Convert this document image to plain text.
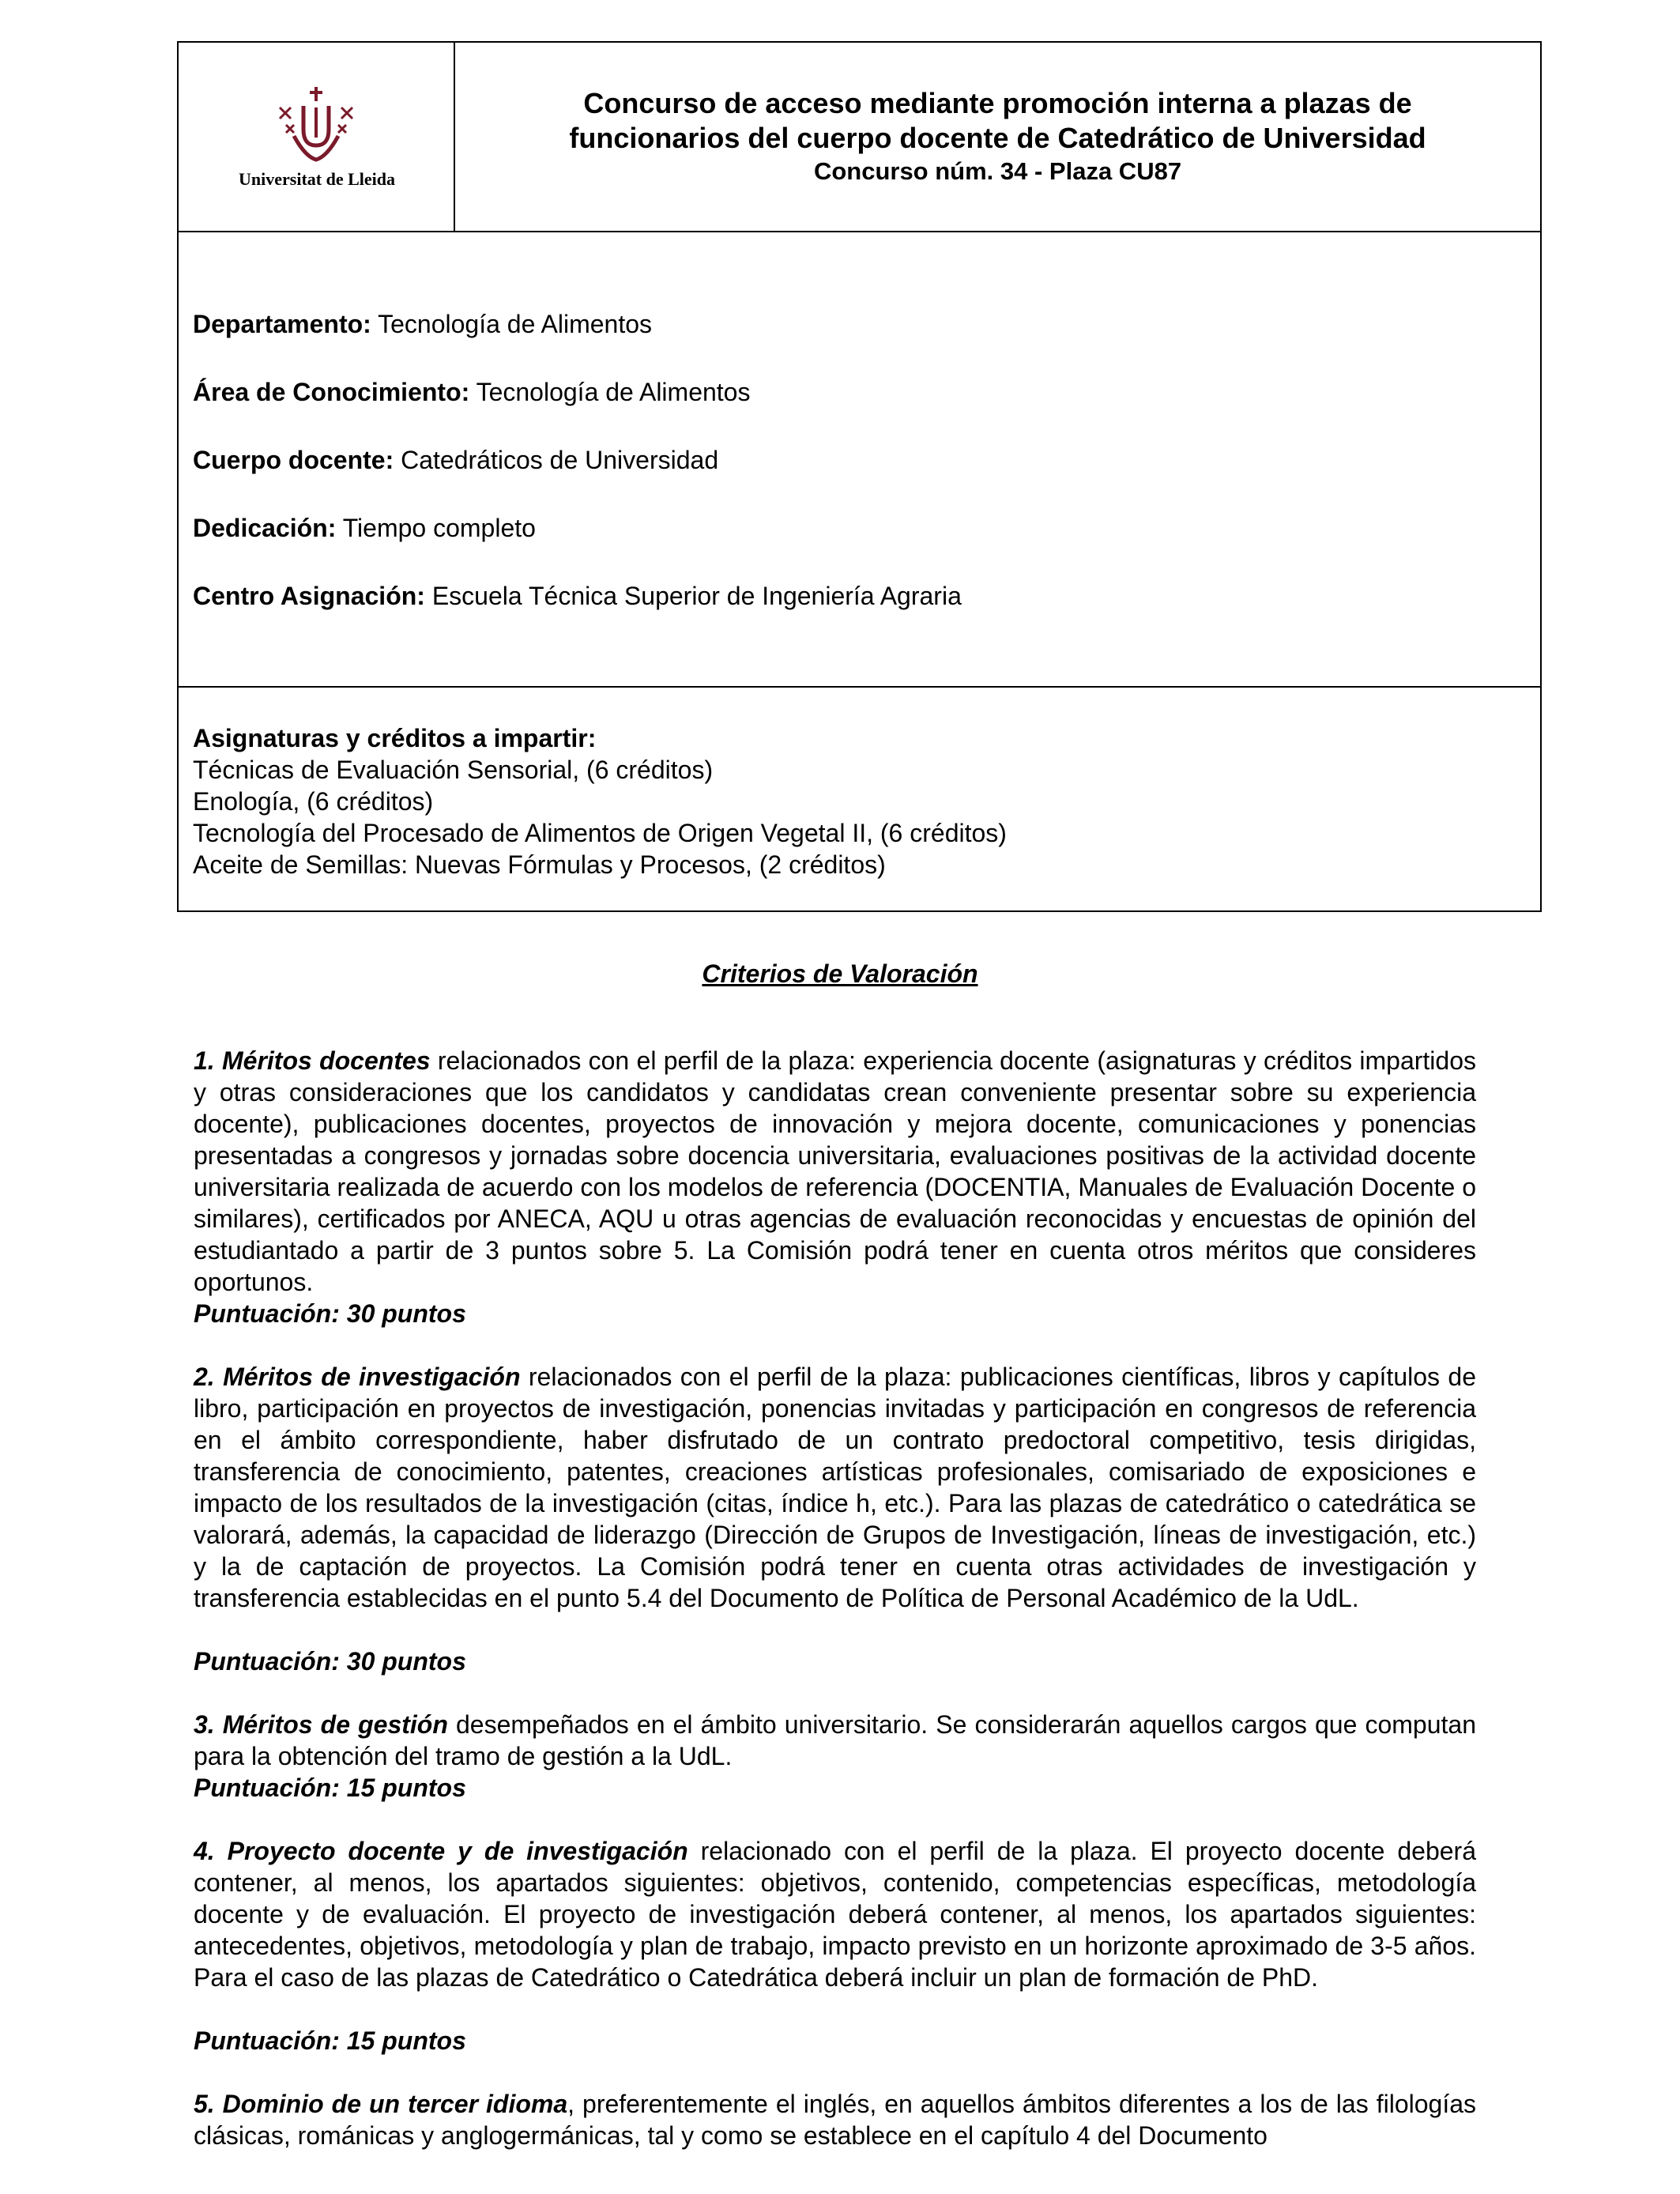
Universitat de Lleida
Concurso de acceso mediante promoción interna a plazas de
funcionarios del cuerpo docente de Catedrático de Universidad
Concurso núm. 34 - Plaza CU87
Departamento: Tecnología de Alimentos
Área de Conocimiento: Tecnología de Alimentos
Cuerpo docente: Catedráticos de Universidad
Dedicación: Tiempo completo
Centro Asignación: Escuela Técnica Superior de Ingeniería Agraria
Asignaturas y créditos a impartir:
Técnicas de Evaluación Sensorial, (6 créditos)
Enología, (6 créditos)
Tecnología del Procesado de Alimentos de Origen Vegetal II, (6 créditos)
Aceite de Semillas: Nuevas Fórmulas y Procesos, (2 créditos)
Criterios de Valoración

1. Méritos docentes relacionados con el perfil de la plaza: experiencia docente (asignaturas y créditos impartidos y otras consideraciones que los candidatos y candidatas crean conveniente presentar sobre su experiencia docente), publicaciones docentes, proyectos de innovación y mejora docente, comunicaciones y ponencias presentadas a congresos y jornadas sobre docencia universitaria, evaluaciones positivas de la actividad docente universitaria realizada de acuerdo con los modelos de referencia (DOCENTIA, Manuales de Evaluación Docente o similares), certificados por ANECA, AQU u otras agencias de evaluación reconocidas y encuestas de opinión del estudiantado a partir de 3 puntos sobre 5. La Comisión podrá tener en cuenta otros méritos que consideres oportunos.

Puntuación: 30 puntos

2. Méritos de investigación relacionados con el perfil de la plaza: publicaciones científicas, libros y capítulos de libro, participación en proyectos de investigación, ponencias invitadas y participación en congresos de referencia en el ámbito correspondiente, haber disfrutado de un contrato predoctoral competitivo, tesis dirigidas, transferencia de conocimiento, patentes, creaciones artísticas profesionales, comisariado de exposiciones e impacto de los resultados de la investigación (citas, índice h, etc.). Para las plazas de catedrático o catedrática se valorará, además, la capacidad de liderazgo (Dirección de Grupos de Investigación, líneas de investigación, etc.) y la de captación de proyectos. La Comisión podrá tener en cuenta otras actividades de investigación y transferencia establecidas en el punto 5.4 del Documento de Política de Personal Académico de la UdL.

Puntuación: 30 puntos

3. Méritos de gestión desempeñados en el ámbito universitario. Se considerarán aquellos cargos que computan para la obtención del tramo de gestión a la UdL.

Puntuación: 15 puntos

4. Proyecto docente y de investigación relacionado con el perfil de la plaza. El proyecto docente deberá contener, al menos, los apartados siguientes: objetivos, contenido, competencias específicas, metodología docente y de evaluación. El proyecto de investigación deberá contener, al menos, los apartados siguientes: antecedentes, objetivos, metodología y plan de trabajo, impacto previsto en un horizonte aproximado de 3-5 años. Para el caso de las plazas de Catedrático o Catedrática deberá incluir un plan de formación de PhD.

Puntuación: 15 puntos

5. Dominio de un tercer idioma, preferentemente el inglés, en aquellos ámbitos diferentes a los de las filologías clásicas, románicas y anglogermánicas, tal y como se establece en el capítulo 4 del Documento
